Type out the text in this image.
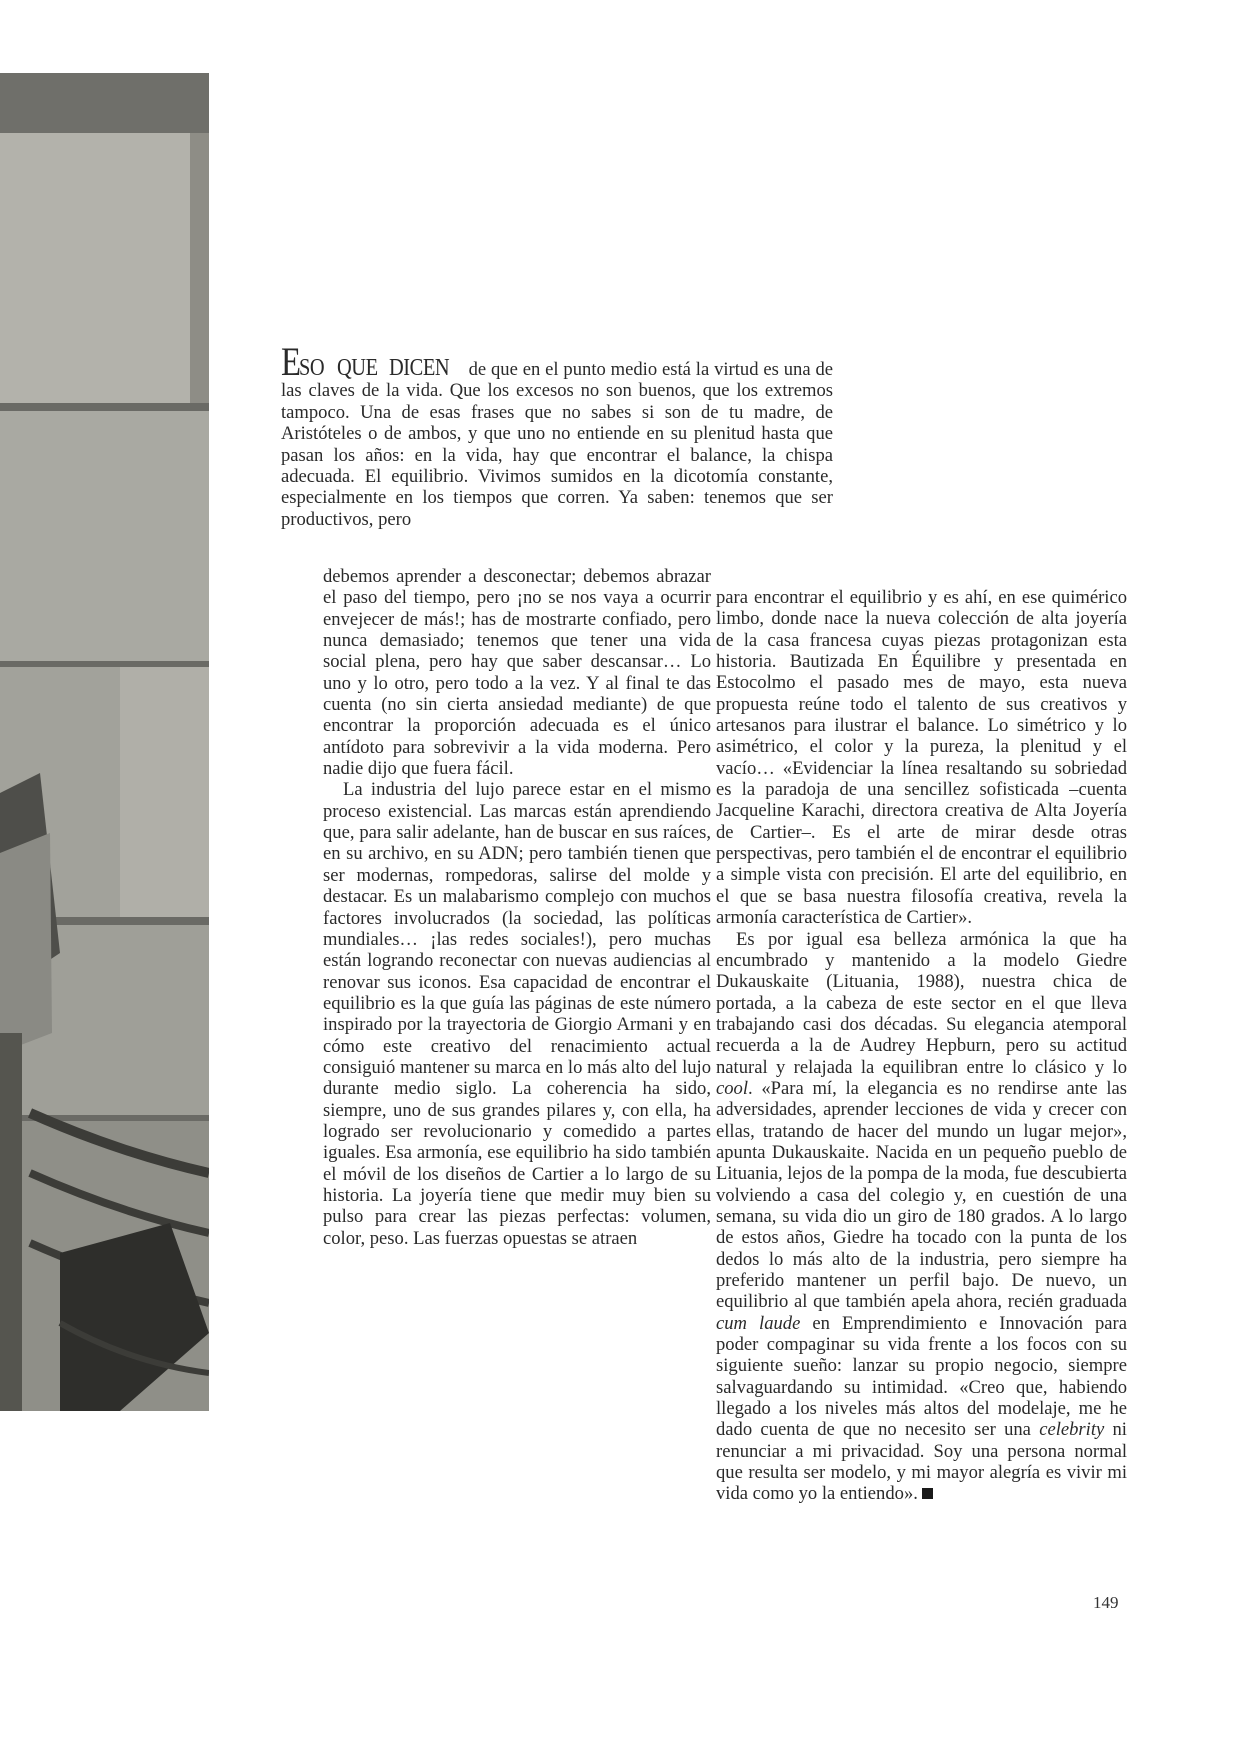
ESO QUE DICEN de que en el punto medio está la virtud es una de las claves de la vida. Que los excesos no son buenos, que los extremos tampoco. Una de esas frases que no sabes si son de tu madre, de Aristóteles o de ambos, y que uno no entiende en su plenitud hasta que pasan los años: en la vida, hay que encontrar el balance, la chispa adecuada. El equilibrio. Vivimos sumidos en la dicotomía constante, especialmente en los tiempos que corren. Ya saben: tenemos que ser productivos, pero

debemos aprender a desconectar; debemos abrazar el paso del tiempo, pero ¡no se nos vaya a ocurrir envejecer de más!; has de mostrarte confiado, pero nunca demasiado; tenemos que tener una vida social plena, pero hay que saber descansar… Lo uno y lo otro, pero todo a la vez. Y al final te das cuenta (no sin cierta ansiedad mediante) de que encontrar la proporción adecuada es el único antídoto para sobrevivir a la vida moderna. Pero nadie dijo que fuera fácil.

La industria del lujo parece estar en el mismo proceso existencial. Las marcas están aprendiendo que, para salir adelante, han de buscar en sus raíces, en su archivo, en su ADN; pero también tienen que ser modernas, rompedoras, salirse del molde y destacar. Es un malabarismo complejo con muchos factores involucrados (la sociedad, las políticas mundiales… ¡las redes sociales!), pero muchas están logrando reconectar con nuevas audiencias al renovar sus iconos. Esa capacidad de encontrar el equilibrio es la que guía las páginas de este número inspirado por la trayectoria de Giorgio Armani y en cómo este creativo del renacimiento actual consiguió mantener su marca en lo más alto del lujo durante medio siglo. La coherencia ha sido, siempre, uno de sus grandes pilares y, con ella, ha logrado ser revolucionario y comedido a partes iguales. Esa armonía, ese equilibrio ha sido también el móvil de los diseños de Cartier a lo largo de su historia. La joyería tiene que medir muy bien su pulso para crear las piezas perfectas: volumen, color, peso. Las fuerzas opuestas se atraen

para encontrar el equilibrio y es ahí, en ese quimérico limbo, donde nace la nueva colección de alta joyería de la casa francesa cuyas piezas protagonizan esta historia. Bautizada En Équilibre y presentada en Estocolmo el pasado mes de mayo, esta nueva propuesta reúne todo el talento de sus creativos y artesanos para ilustrar el balance. Lo simétrico y lo asimétrico, el color y la pureza, la plenitud y el vacío… «Evidenciar la línea resaltando su sobriedad es la paradoja de una sencillez sofisticada –cuenta Jacqueline Karachi, directora creativa de Alta Joyería de Cartier–. Es el arte de mirar desde otras perspectivas, pero también el de encontrar el equilibrio a simple vista con precisión. El arte del equilibrio, en el que se basa nuestra filosofía creativa, revela la armonía característica de Cartier».

Es por igual esa belleza armónica la que ha encumbrado y mantenido a la modelo Giedre Dukauskaite (Lituania, 1988), nuestra chica de portada, a la cabeza de este sector en el que lleva trabajando casi dos décadas. Su elegancia atemporal recuerda a la de Audrey Hepburn, pero su actitud natural y relajada la equilibran entre lo clásico y lo cool. «Para mí, la elegancia es no rendirse ante las adversidades, aprender lecciones de vida y crecer con ellas, tratando de hacer del mundo un lugar mejor», apunta Dukauskaite. Nacida en un pequeño pueblo de Lituania, lejos de la pompa de la moda, fue descubierta volviendo a casa del colegio y, en cuestión de una semana, su vida dio un giro de 180 grados. A lo largo de estos años, Giedre ha tocado con la punta de los dedos lo más alto de la industria, pero siempre ha preferido mantener un perfil bajo. De nuevo, un equilibrio al que también apela ahora, recién graduada cum laude en Emprendimiento e Innovación para poder compaginar su vida frente a los focos con su siguiente sueño: lanzar su propio negocio, siempre salvaguardando su intimidad. «Creo que, habiendo llegado a los niveles más altos del modelaje, me he dado cuenta de que no necesito ser una celebrity ni renunciar a mi privacidad. Soy una persona normal que resulta ser modelo, y mi mayor alegría es vivir mi vida como yo la entiendo».

149
